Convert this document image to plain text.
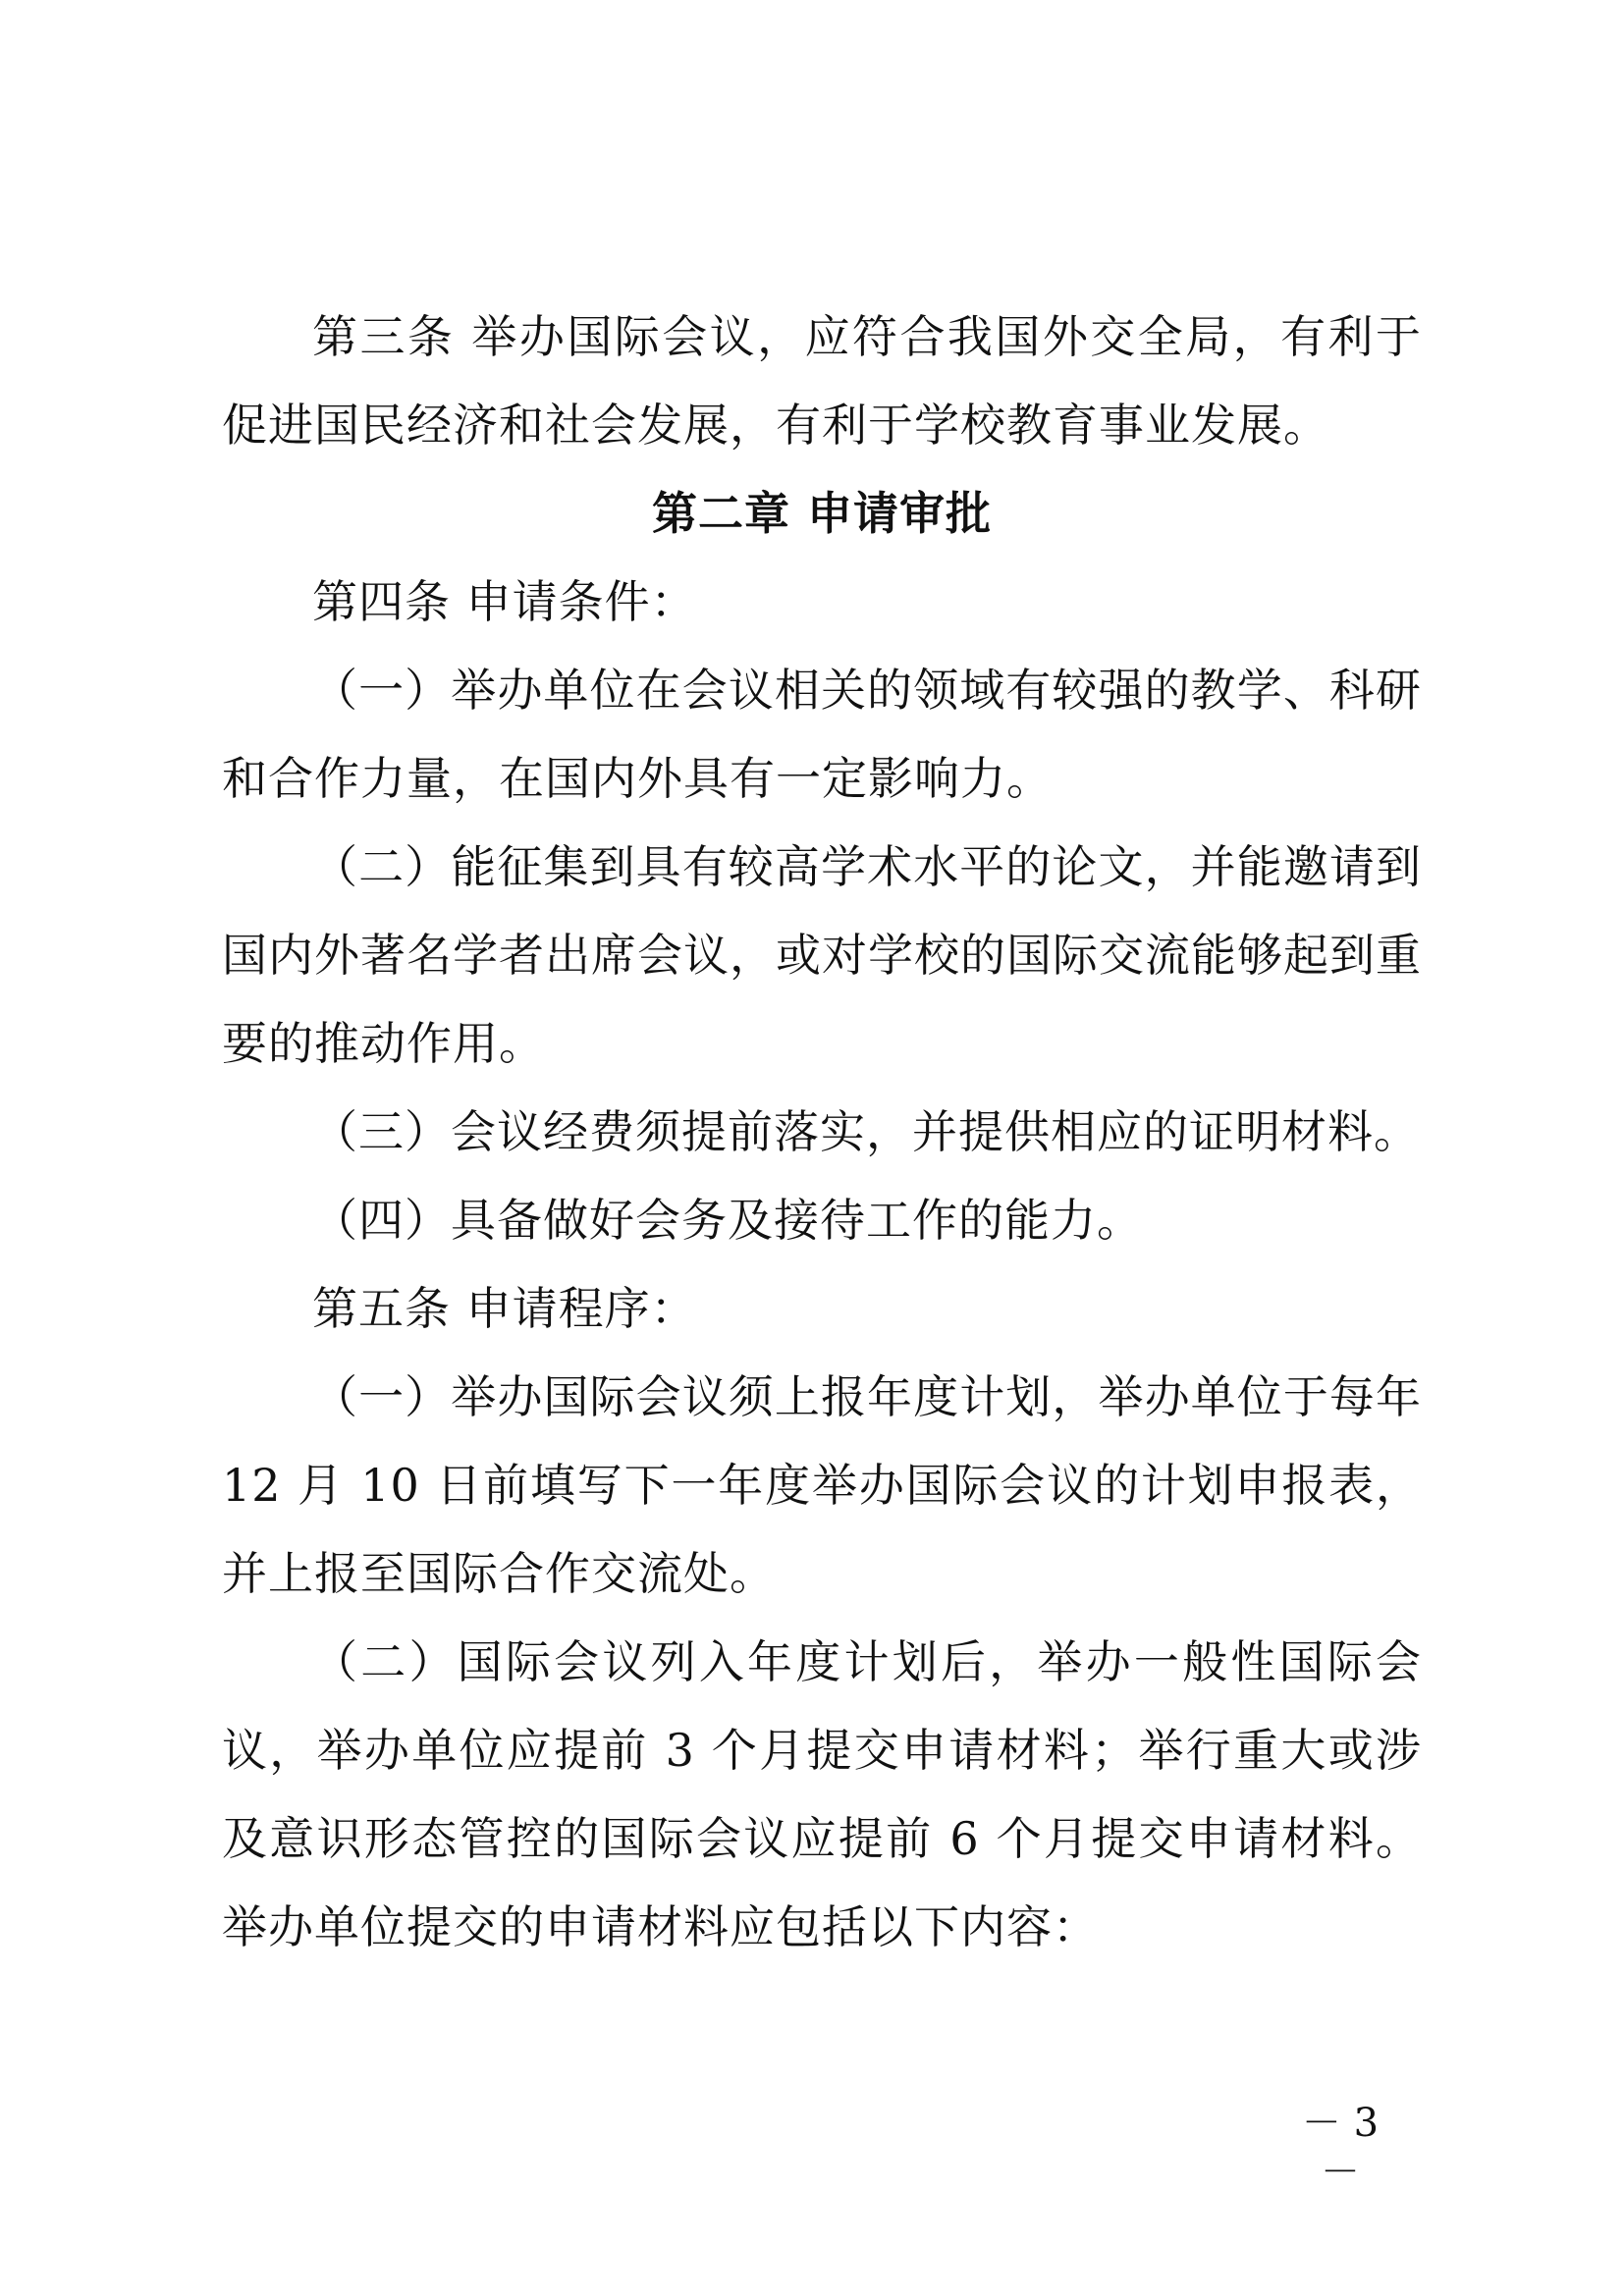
第三条 举办国际会议，应符合我国外交全局，有利于促进国民经济和社会发展，有利于学校教育事业发展。

第二章 申请审批

第四条 申请条件：

（一）举办单位在会议相关的领域有较强的教学、科研和合作力量，在国内外具有一定影响力。

（二）能征集到具有较高学术水平的论文，并能邀请到国内外著名学者出席会议，或对学校的国际交流能够起到重要的推动作用。

（三）会议经费须提前落实，并提供相应的证明材料。

（四）具备做好会务及接待工作的能力。

第五条 申请程序：

（一）举办国际会议须上报年度计划，举办单位于每年 12 月 10 日前填写下一年度举办国际会议的计划申报表，并上报至国际合作交流处。

（二）国际会议列入年度计划后，举办一般性国际会议，举办单位应提前 3 个月提交申请材料；举行重大或涉及意识形态管控的国际会议应提前 6 个月提交申请材料。举办单位提交的申请材料应包括以下内容：

－ 3 －
